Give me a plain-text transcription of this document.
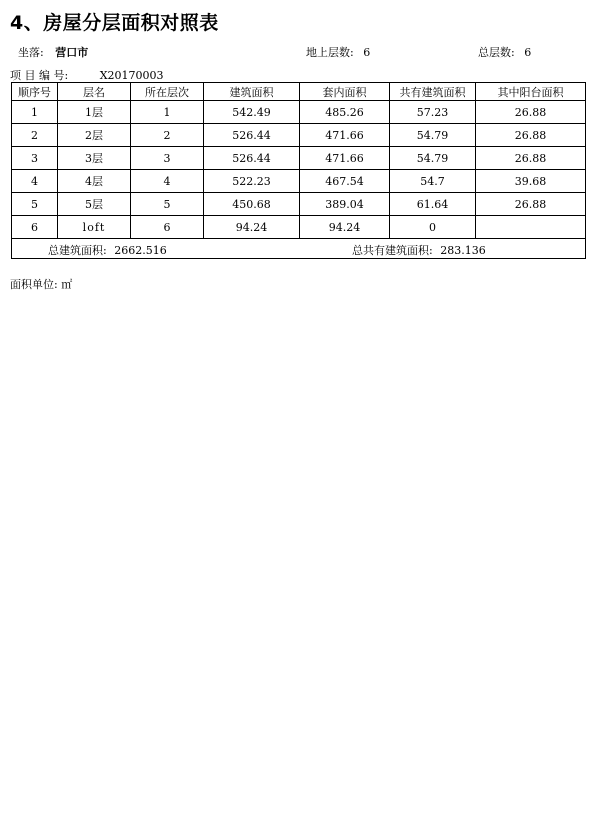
4、房屋分层面积对照表
坐落: 营口市	地上层数: 6	总层数: 6
项 目 编 号:	X20170003
顺序号	层名	所在层次	建筑面积	套内面积	共有建筑面积	其中阳台面积
1	1层	1	542.49	485.26	57.23	26.88
2	2层	2	526.44	471.66	54.79	26.88
3	3层	3	526.44	471.66	54.79	26.88
4	4层	4	522.23	467.54	54.7	39.68
5	5层	5	450.68	389.04	61.64	26.88
6	loft	6	94.24	94.24	0	

总建筑面积: 2662.516 总共有建筑面积: 283.136						
面积单位: ㎡
